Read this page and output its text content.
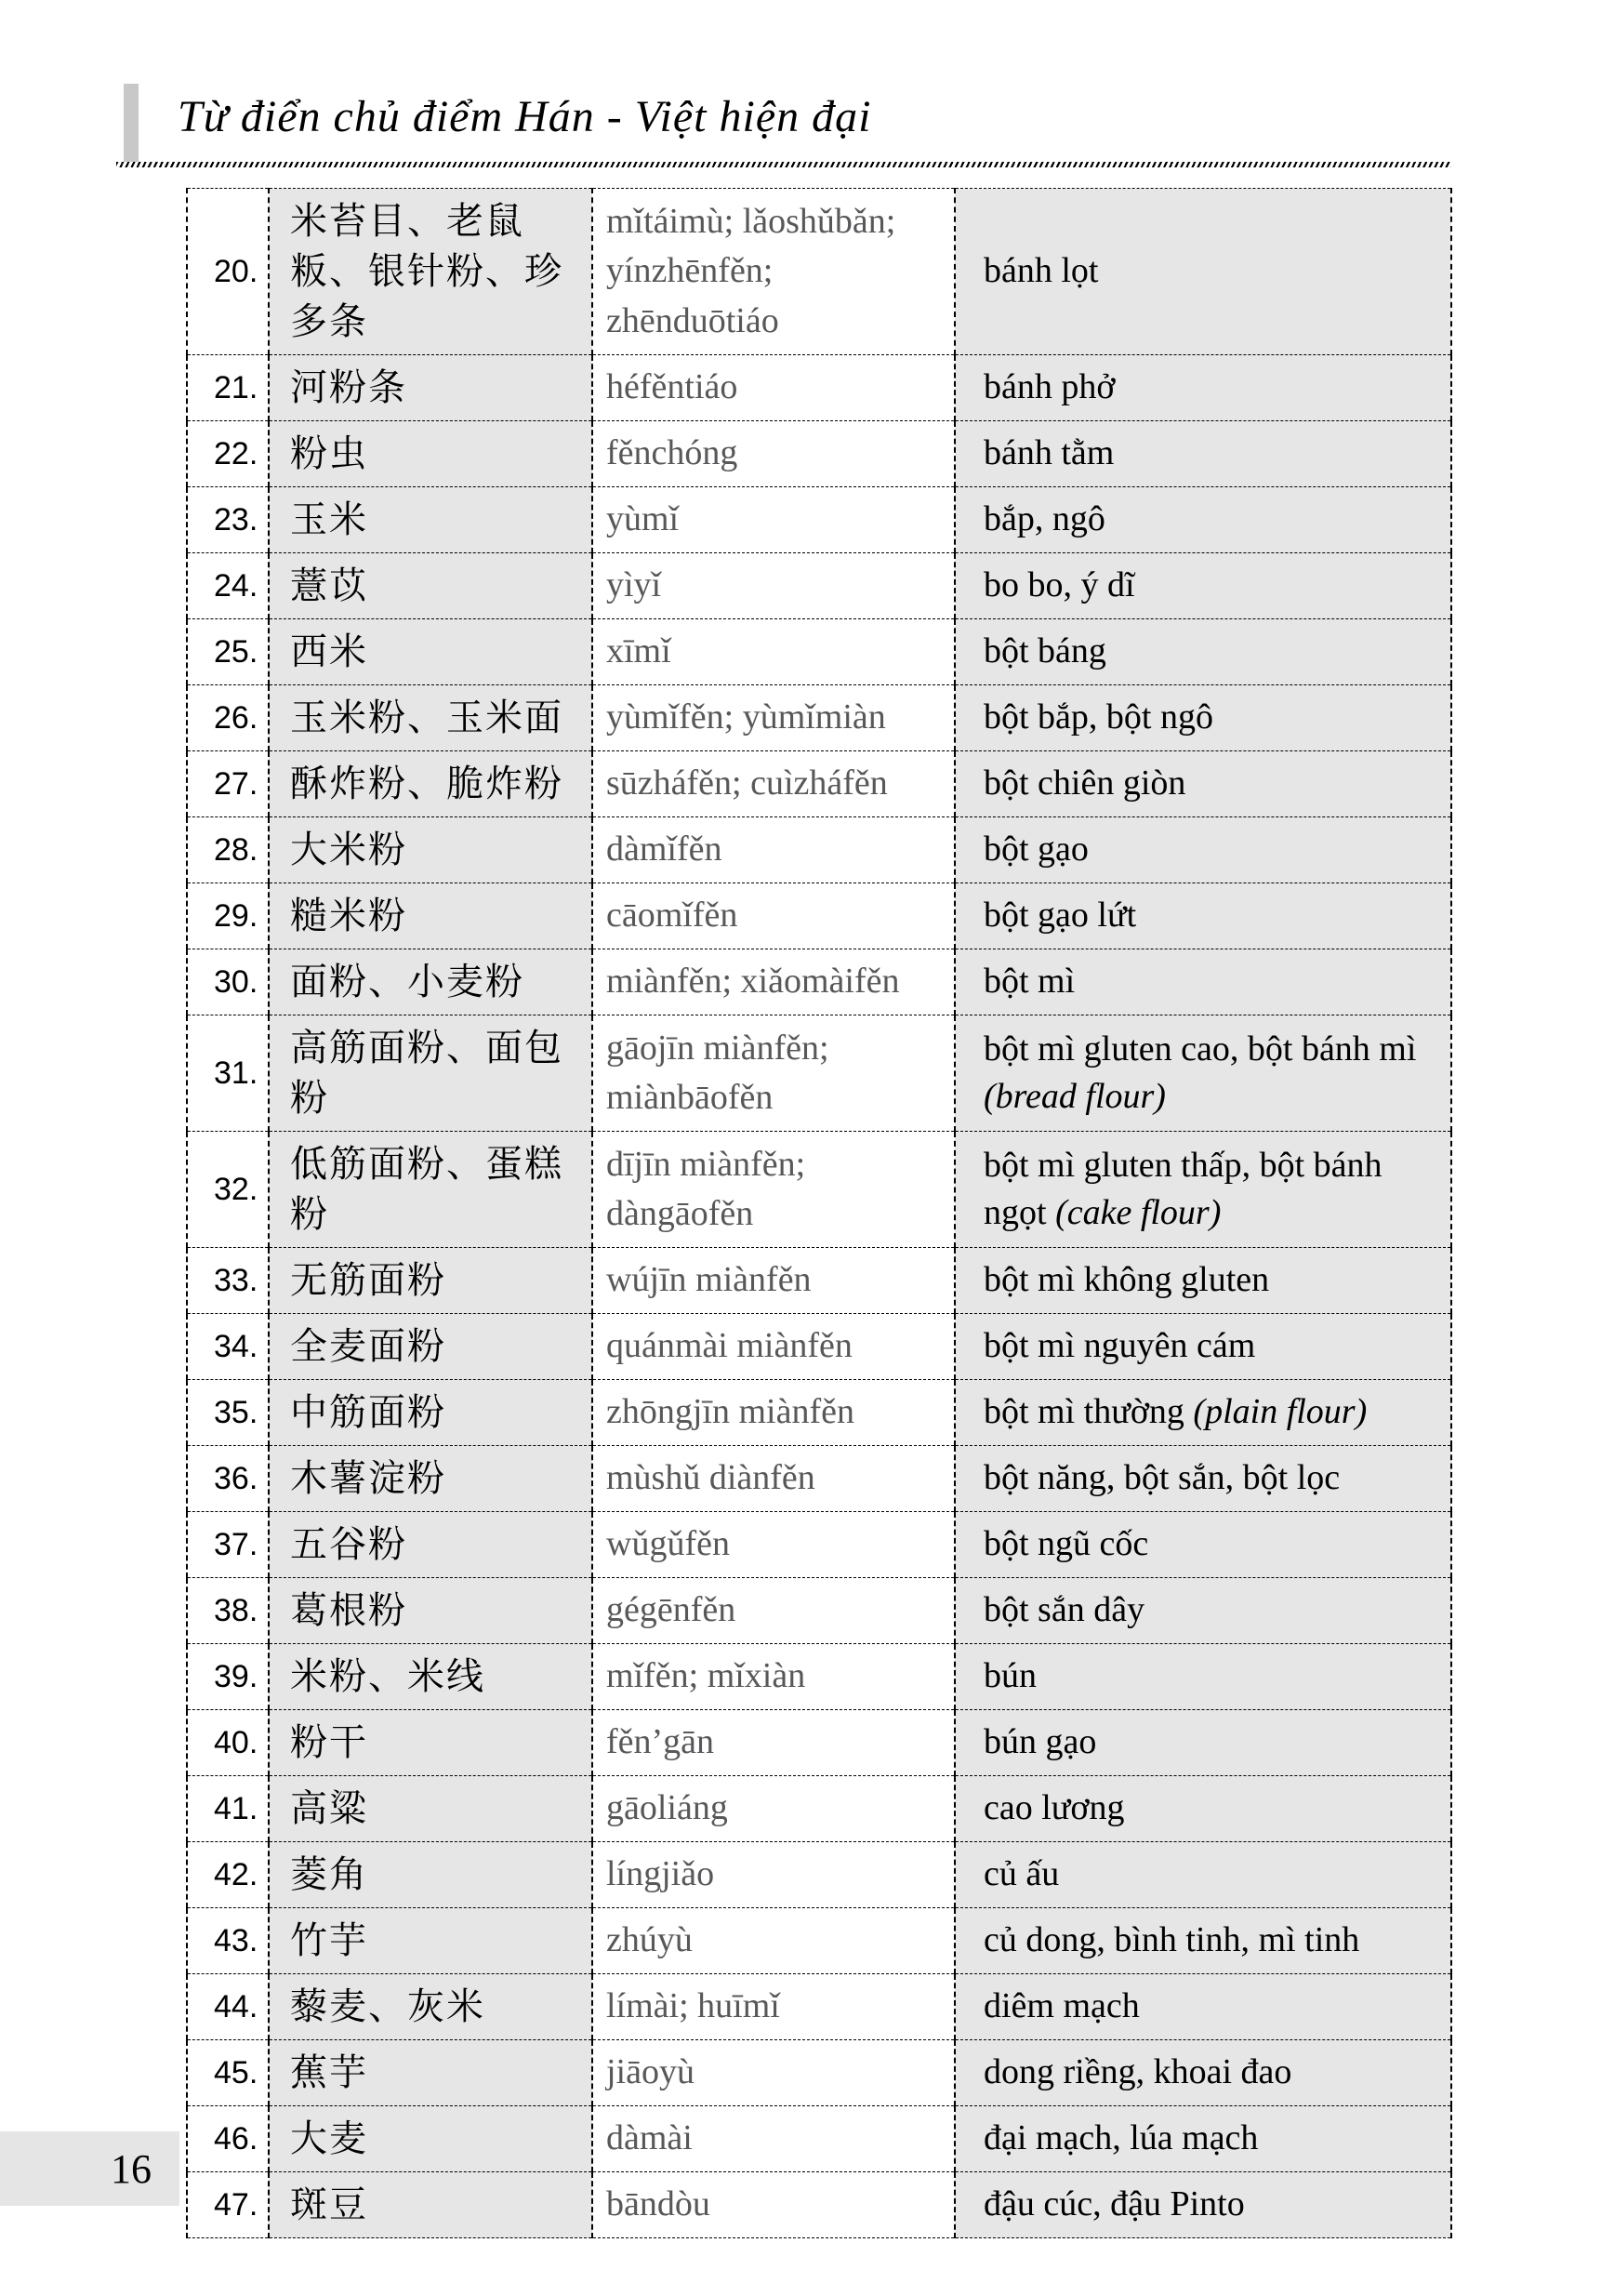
Từ điển chủ điểm Hán - Việt hiện đại
20.	米苔目、老鼠粄、银针粉、珍多条	mǐtáimù; lǎoshǔbǎn; yínzhēnfěn; zhēnduōtiáo	bánh lọt
21.	河粉条	héfěntiáo	bánh phở
22.	粉虫	fěnchóng	bánh tằm
23.	玉米	yùmǐ	bắp, ngô
24.	薏苡	yìyǐ	bo bo, ý dĩ
25.	西米	xīmǐ	bột báng
26.	玉米粉、玉米面	yùmǐfěn; yùmǐmiàn	bột bắp, bột ngô
27.	酥炸粉、脆炸粉	sūzháfěn; cuìzháfěn	bột chiên giòn
28.	大米粉	dàmǐfěn	bột gạo
29.	糙米粉	cāomǐfěn	bột gạo lứt
30.	面粉、小麦粉	miànfěn; xiǎomàifěn	bột mì
31.	高筋面粉、面包粉	gāojīn miànfěn; miànbāofěn	bột mì gluten cao, bột bánh mì (bread flour)
32.	低筋面粉、蛋糕粉	dījīn miànfěn; dàngāofěn	bột mì gluten thấp, bột bánh ngọt (cake flour)
33.	无筋面粉	wújīn miànfěn	bột mì không gluten
34.	全麦面粉	quánmài miànfěn	bột mì nguyên cám
35.	中筋面粉	zhōngjīn miànfěn	bột mì thường (plain flour)
36.	木薯淀粉	mùshǔ diànfěn	bột năng, bột sắn, bột lọc
37.	五谷粉	wǔgǔfěn	bột ngũ cốc
38.	葛根粉	gégēnfěn	bột sắn dây
39.	米粉、米线	mǐfěn; mǐxiàn	bún
40.	粉干	fěn’gān	bún gạo
41.	高粱	gāoliáng	cao lương
42.	菱角	língjiǎo	củ ấu
43.	竹芋	zhúyù	củ dong, bình tinh, mì tinh
44.	藜麦、灰米	límài; huīmǐ	diêm mạch
45.	蕉芋	jiāoyù	dong riềng, khoai đao
46.	大麦	dàmài	đại mạch, lúa mạch
47.	斑豆	bāndòu	đậu cúc, đậu Pinto
16
